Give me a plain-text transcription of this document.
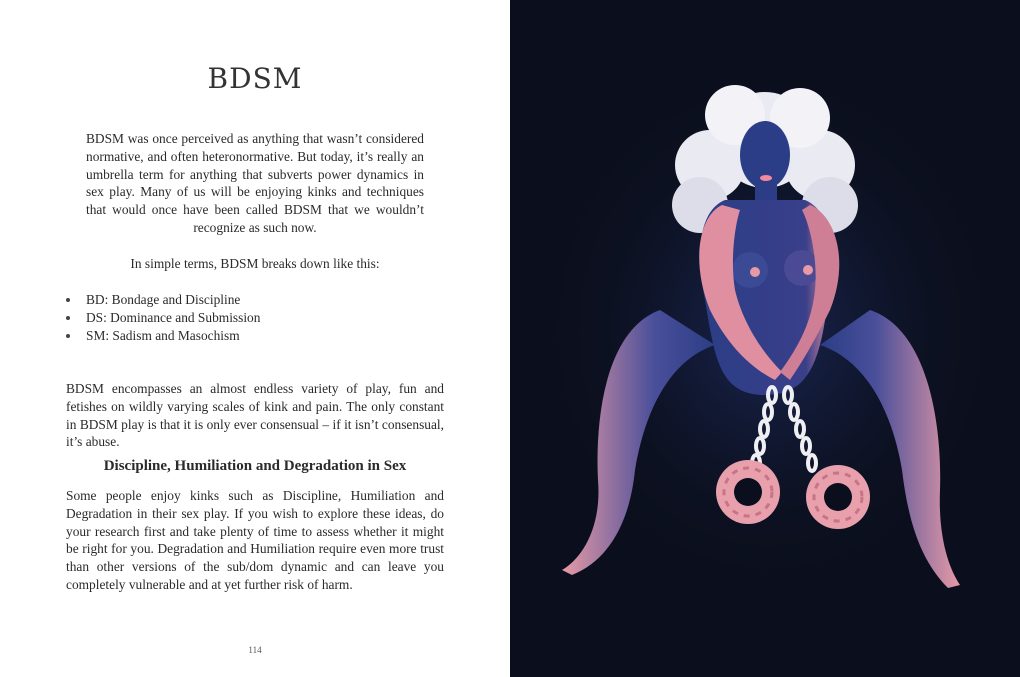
BDSM

BDSM was once perceived as anything that wasn’t considered normative, and often heteronormative. But today, it’s really an umbrella term for anything that subverts power dynamics in sex play. Many of us will be enjoying kinks and techniques that would once have been called BDSM that we wouldn’t recognize as such now.

In simple terms, BDSM breaks down like this:

BD: Bondage and Discipline
DS: Dominance and Submission
SM: Sadism and Masochism

BDSM encompasses an almost endless variety of play, fun and fetishes on wildly varying scales of kink and pain. The only constant in BDSM play is that it is only ever consensual – if it isn’t consensual, it’s abuse.

Discipline, Humiliation and Degradation in Sex

Some people enjoy kinks such as Discipline, Humiliation and Degradation in their sex play. If you wish to explore these ideas, do your research first and take plenty of time to assess whether it might be right for you. Degradation and Humiliation require even more trust than other versions of the sub/dom dynamic and can leave you completely vulnerable and at yet further risk of harm.

114
